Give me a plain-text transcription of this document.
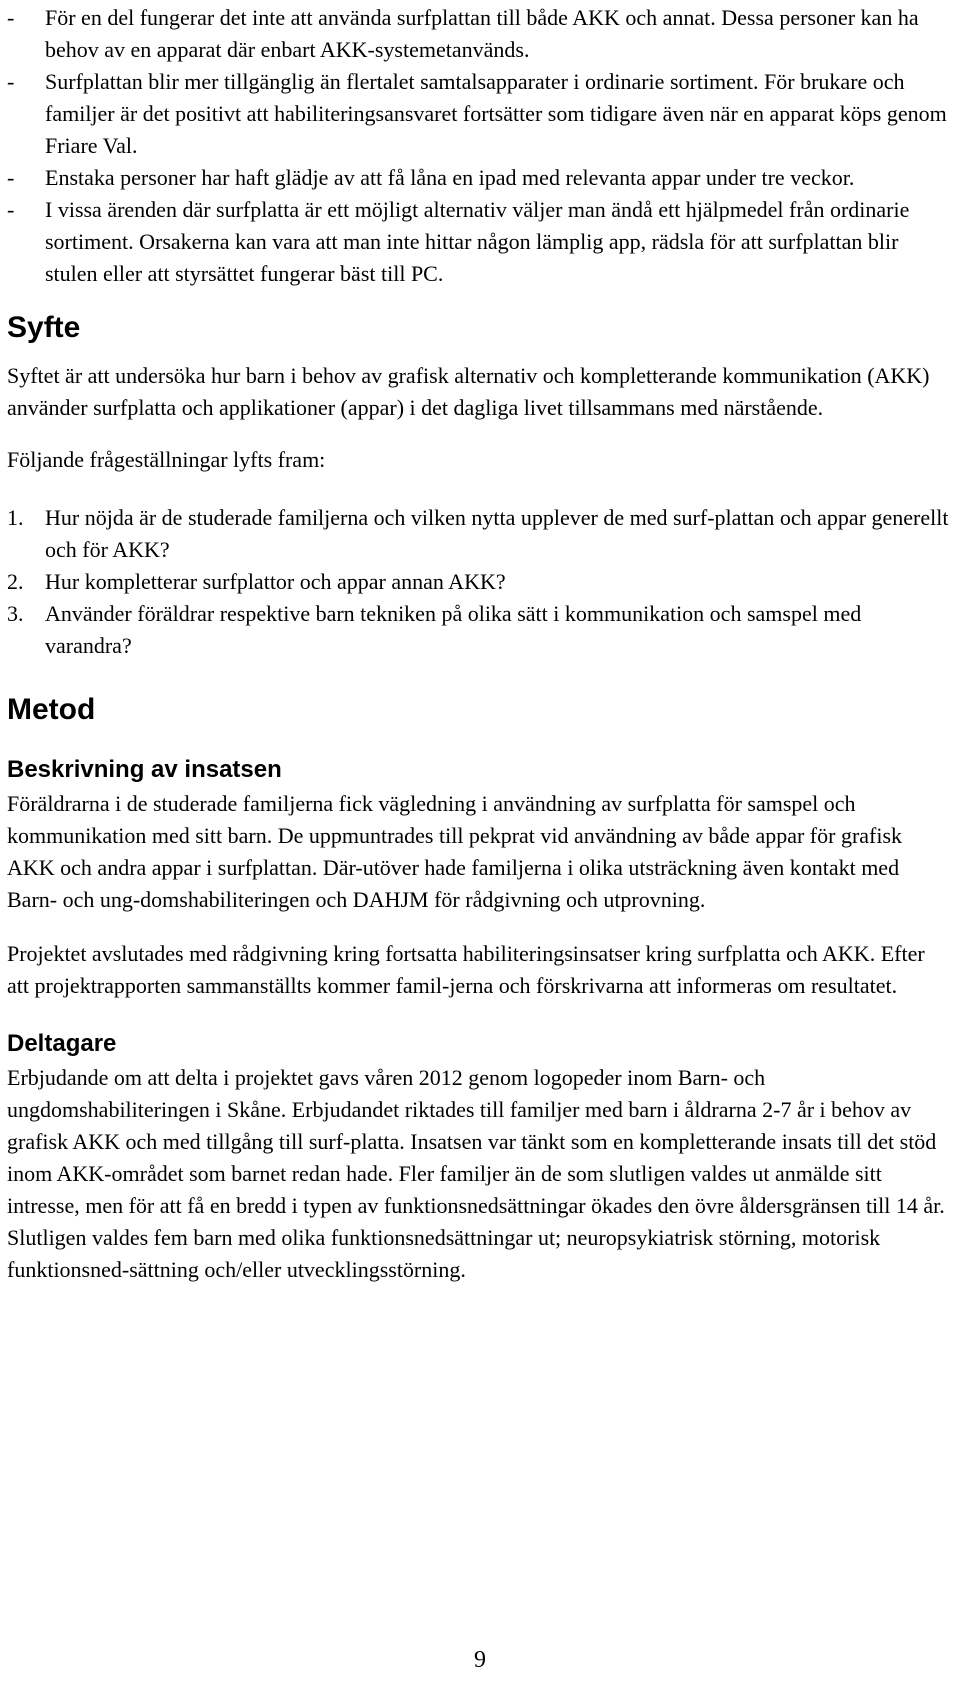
-	För en del fungerar det inte att använda surfplattan till både AKK och annat. Dessa personer kan ha behov av en apparat där enbart AKK-systemetanvänds.
-	Surfplattan blir mer tillgänglig än flertalet samtalsapparater i ordinarie sortiment. För brukare och familjer är det positivt att habiliteringsansvaret fortsätter som tidigare även när en apparat köps genom Friare Val.
-	Enstaka personer har haft glädje av att få låna en ipad med relevanta appar under tre veckor.
-	I vissa ärenden där surfplatta är ett möjligt alternativ väljer man ändå ett hjälpmedel från ordinarie sortiment. Orsakerna kan vara att man inte hittar någon lämplig app, rädsla för att surfplattan blir stulen eller att styrsättet fungerar bäst till PC.
Syfte

Syftet är att undersöka hur barn i behov av grafisk alternativ och kompletterande kommunikation (AKK) använder surfplatta och applikationer (appar) i det dagliga livet tillsammans med närstående.

Följande frågeställningar lyfts fram:

1. Hur nöjda är de studerade familjerna och vilken nytta upplever de med surf-plattan och appar generellt och för AKK?
2. Hur kompletterar surfplattor och appar annan AKK?
3. Använder föräldrar respektive barn tekniken på olika sätt i kommunikation och samspel med varandra?
Metod
Beskrivning av insatsen

Föräldrarna i de studerade familjerna fick vägledning i användning av surfplatta för samspel och kommunikation med sitt barn. De uppmuntrades till pekprat vid användning av både appar för grafisk AKK och andra appar i surfplattan. Där-utöver hade familjerna i olika utsträckning även kontakt med Barn- och ung-domshabiliteringen och DAHJM för rådgivning och utprovning.

Projektet avslutades med rådgivning kring fortsatta habiliteringsinsatser kring surfplatta och AKK. Efter att projektrapporten sammanställts kommer famil-jerna och förskrivarna att informeras om resultatet.

Deltagare

Erbjudande om att delta i projektet gavs våren 2012 genom logopeder inom Barn- och ungdomshabiliteringen i Skåne. Erbjudandet riktades till familjer med barn i åldrarna 2-7 år i behov av grafisk AKK och med tillgång till surf-platta. Insatsen var tänkt som en kompletterande insats till det stöd inom AKK-området som barnet redan hade. Fler familjer än de som slutligen valdes ut anmälde sitt intresse, men för att få en bredd i typen av funktionsnedsättningar ökades den övre åldersgränsen till 14 år. Slutligen valdes fem barn med olika funktionsnedsättningar ut; neuropsykiatrisk störning, motorisk funktionsned-sättning och/eller utvecklingsstörning.

9
